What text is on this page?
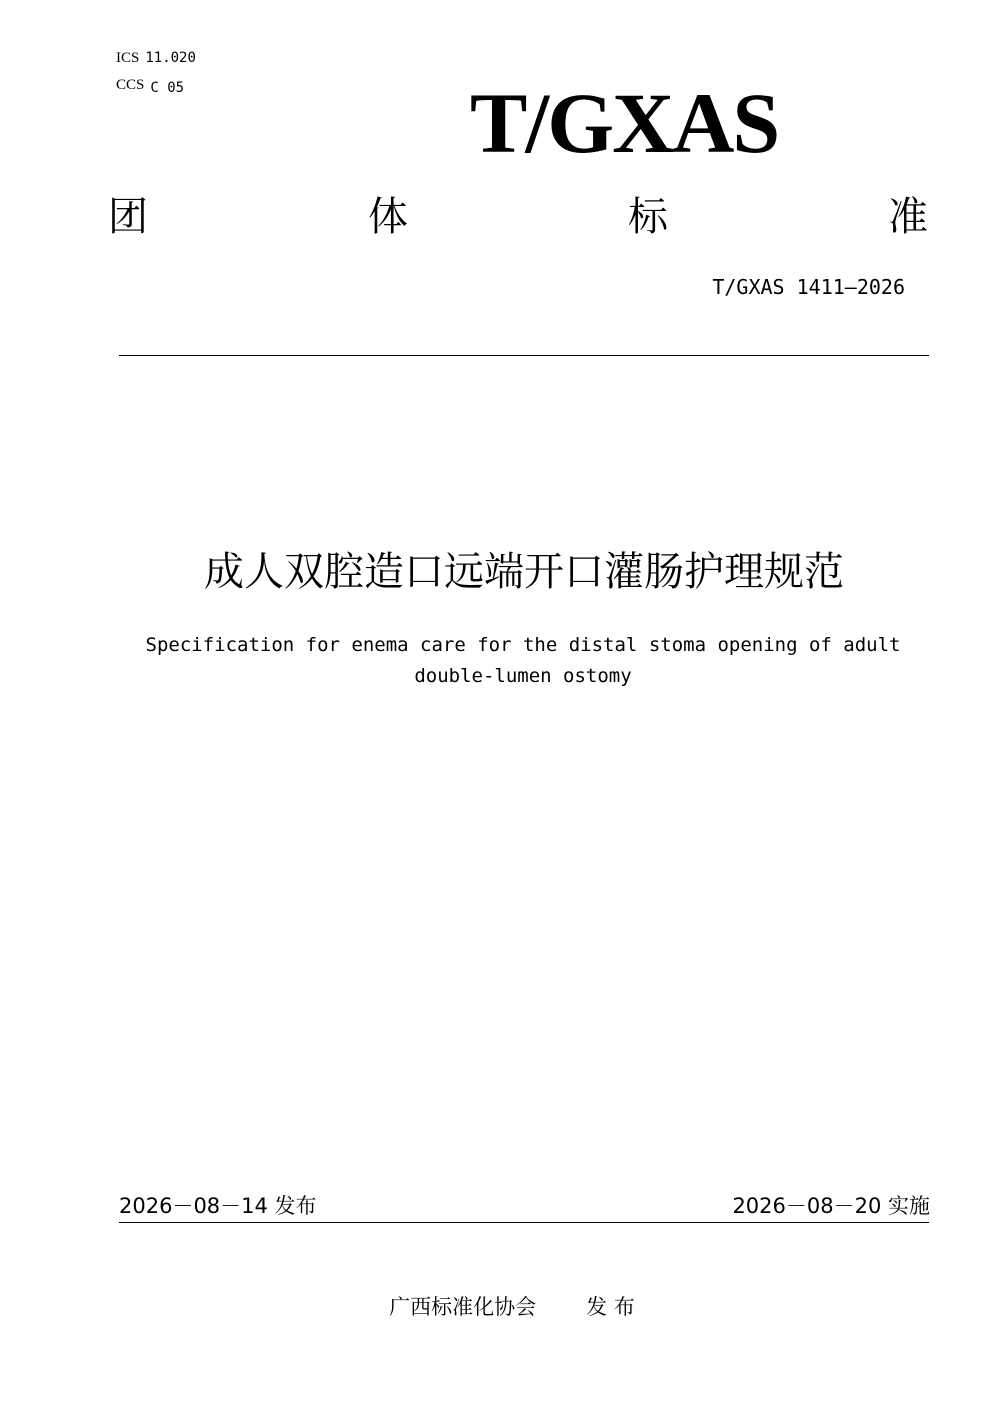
ICS 11.020
CCS C 05	T/GXAS
团	体	标	准
T/GXAS 1411—2026
成人双腔造口远端开口灌肠护理规范
Specification for enema care for the distal stoma opening of adult double-lumen ostomy
2026－08－14 发布	2026－08－20 实施
广西标准化协会 发 布
